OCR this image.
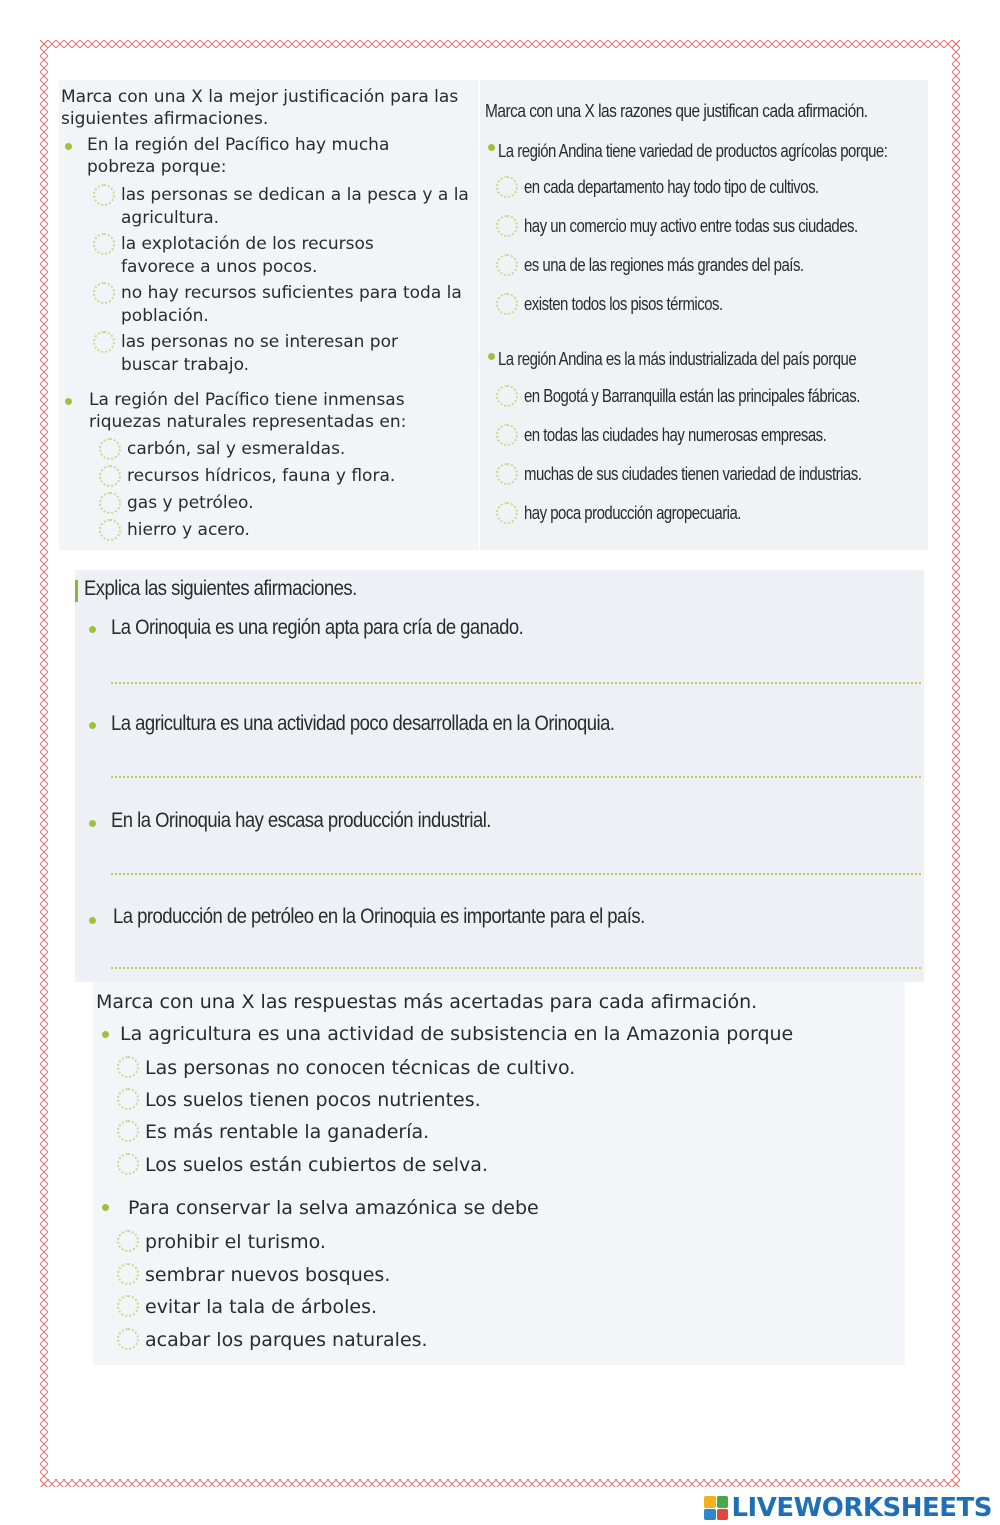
Marca con una X la mejor justificación para las siguientes afirmaciones.
En la región del Pacífico hay mucha pobreza porque:
las personas se dedican a la pesca y a la agricultura.
la explotación de los recursos favorece a unos pocos.
no hay recursos suficientes para toda la población.
las personas no se interesan por buscar trabajo.
La región del Pacífico tiene inmensas riquezas naturales representadas en:
carbón, sal y esmeraldas.
recursos hídricos, fauna y flora.
gas y petróleo.
hierro y acero.
Marca con una X las razones que justifican cada afirmación.
La región Andina tiene variedad de productos agrícolas porque:
en cada departamento hay todo tipo de cultivos.
hay un comercio muy activo entre todas sus ciudades.
es una de las regiones más grandes del país.
existen todos los pisos térmicos.
La región Andina es la más industrializada del país porque
en Bogotá y Barranquilla están las principales fábricas.
en todas las ciudades hay numerosas empresas.
muchas de sus ciudades tienen variedad de industrias.
hay poca producción agropecuaria.
Explica las siguientes afirmaciones.
La Orinoquia es una región apta para cría de ganado.
La agricultura es una actividad poco desarrollada en la Orinoquia.
En la Orinoquia hay escasa producción industrial.
La producción de petróleo en la Orinoquia es importante para el país.
Marca con una X las respuestas más acertadas para cada afirmación.
La agricultura es una actividad de subsistencia en la Amazonia porque
Las personas no conocen técnicas de cultivo.
Los suelos tienen pocos nutrientes.
Es más rentable la ganadería.
Los suelos están cubiertos de selva.
Para conservar la selva amazónica se debe
prohibir el turismo.
sembrar nuevos bosques.
evitar la tala de árboles.
acabar los parques naturales.
LIVEWORKSHEETS
